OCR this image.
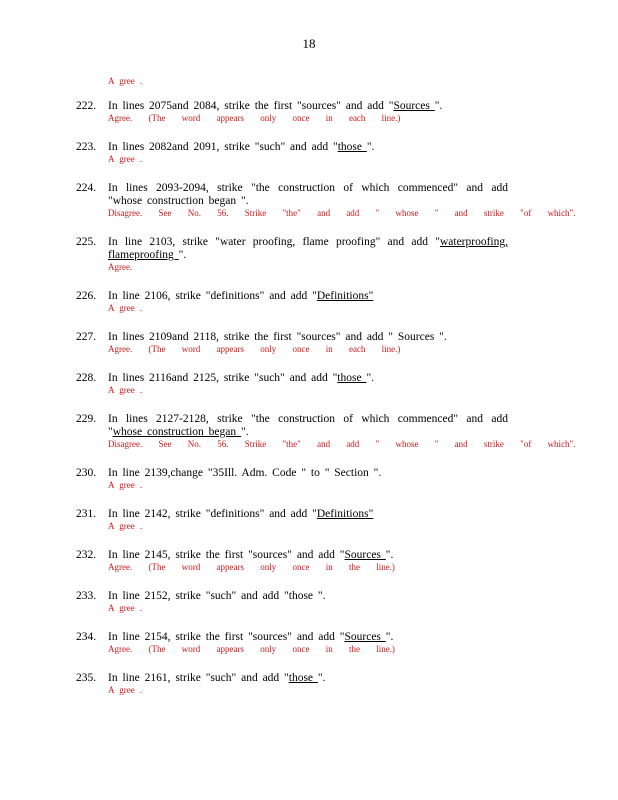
18
A gree .
222. In lines 2075and 2084, strike the first "sources" and add "Sources ".
Agree. (The word appears only once in each line.)
223. In lines 2082and 2091, strike "such" and add "those ".
A gree .
224. In lines 2093-2094, strike "the construction of which commenced" and add "whose construction began ".
Disagree. See No. 56. Strike "the" and add " whose " and strike "of which".
225. In line 2103, strike "water proofing, flame proofing" and add "waterproofing, flameproofing ".
Agree.
226. In line 2106, strike "definitions" and add "Definitions"
A gree .
227. In lines 2109and 2118, strike the first "sources" and add " Sources ".
Agree. (The word appears only once in each line.)
228. In lines 2116and 2125, strike "such" and add "those ".
A gree .
229. In lines 2127-2128, strike "the construction of which commenced" and add "whose construction began ".
Disagree. See No. 56. Strike "the" and add " whose " and strike "of which".
230. In line 2139,change "35Ill. Adm. Code " to " Section ".
A gree .
231. In line 2142, strike "definitions" and add "Definitions"
A gree .
232. In line 2145, strike the first "sources" and add "Sources ".
Agree. (The word appears only once in the line.)
233. In line 2152, strike "such" and add "those ".
A gree .
234. In line 2154, strike the first "sources" and add "Sources ".
Agree. (The word appears only once in the line.)
235. In line 2161, strike "such" and add "those ".
A gree .
